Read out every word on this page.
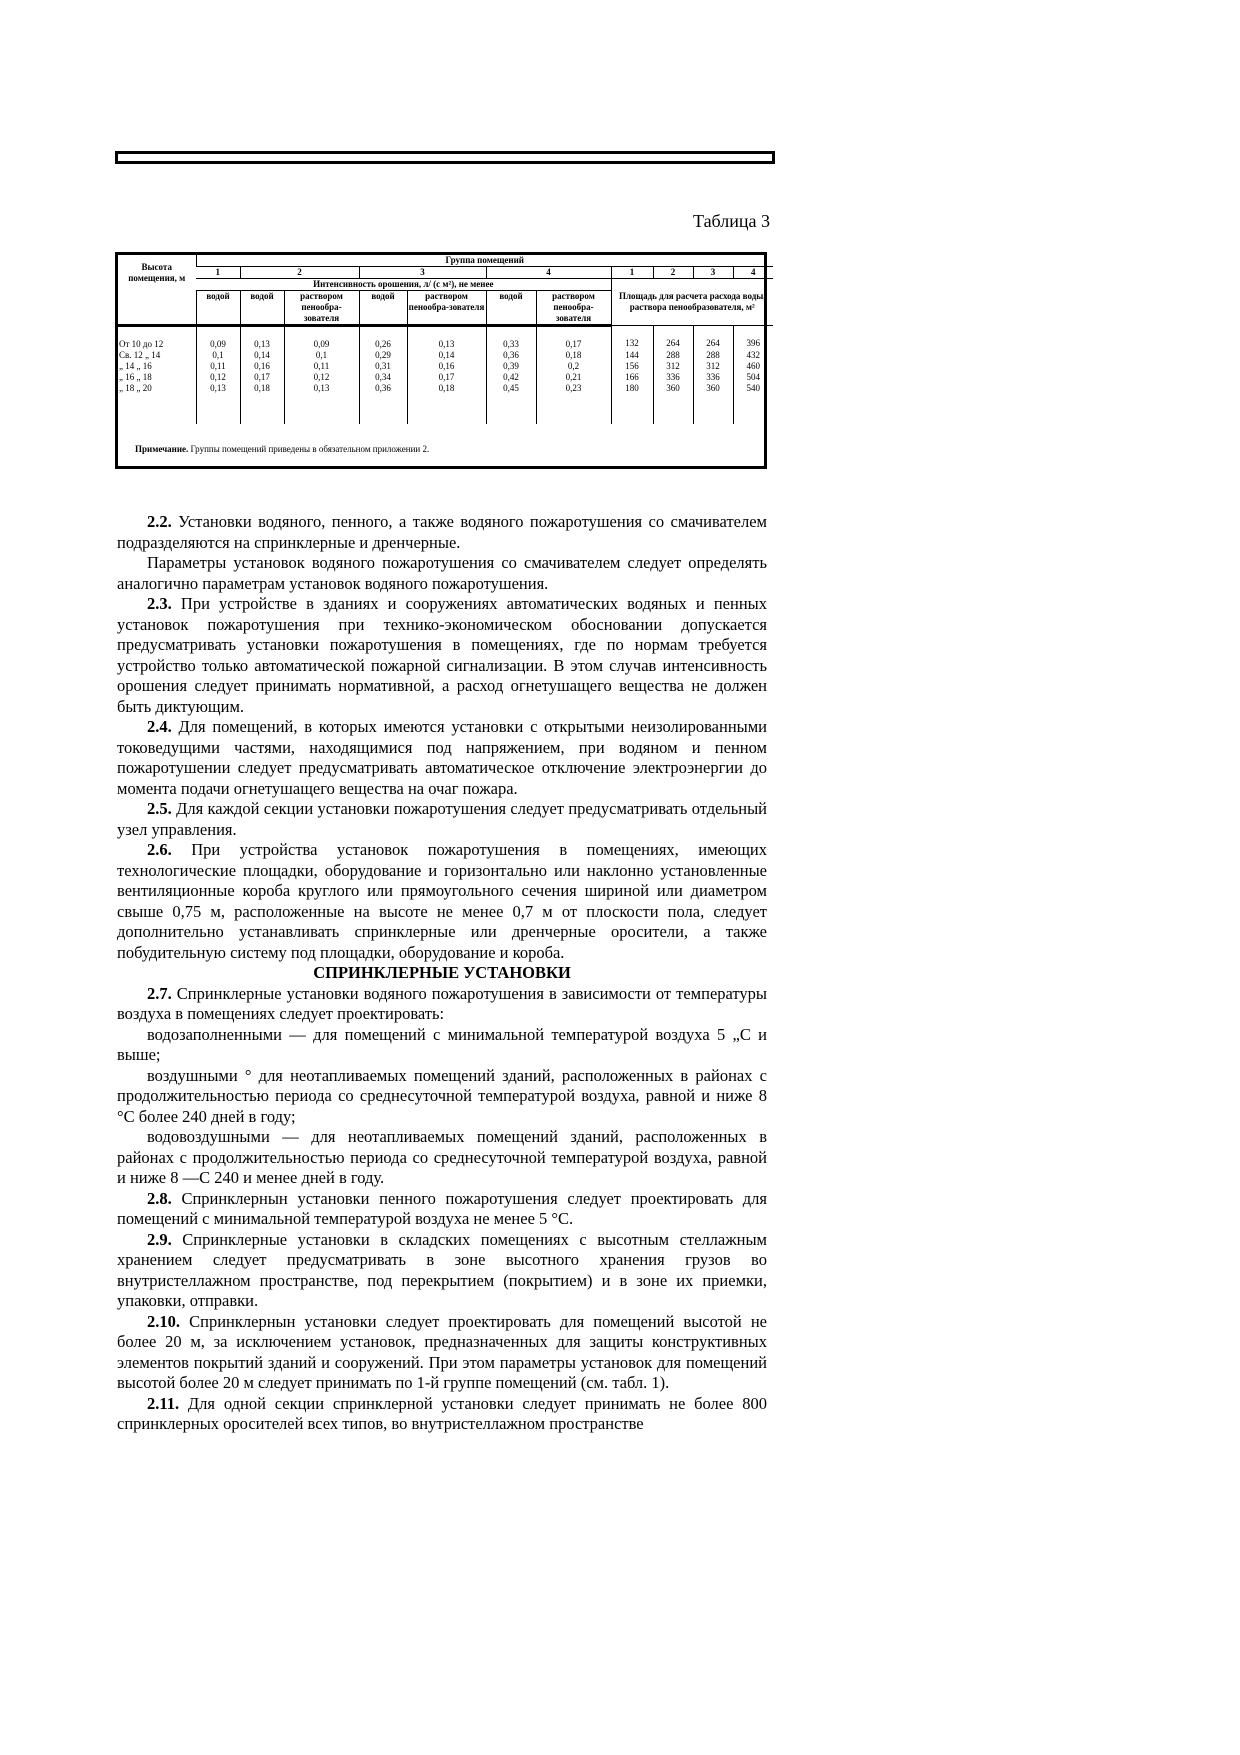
Таблица 3
Высота помещения, м	Группа помещений										
	1	2		3		4		1	2	3	4
	Интенсивность орошения, л/ (с м²), не менее							Площадь для расчета расхода воды, раствора пенообразователя, м²			
	водой	водой	раствором пенообра-зователя	водой	раствором пенообра-зователя	водой	раствором пенообра-зователя				
От 10 до 12	0,09	0,13	0,09	0,26	0,13	0,33	0,17	132	264	264	396
Св. 12 „ 14	0,1	0,14	0,1	0,29	0,14	0,36	0,18	144	288	288	432
„ 14 „ 16	0,11	0,16	0,11	0,31	0,16	0,39	0,2	156	312	312	460
„ 16 „ 18	0,12	0,17	0,12	0,34	0,17	0,42	0,21	166	336	336	504
„ 18 „ 20	0,13	0,18	0,13	0,36	0,18	0,45	0,23	180	360	360	540

Примечание. Группы помещений приведены в обязательном приложении 2.

2.2. Установки водяного, пенного, а также водяного пожаротушения со смачивателем подразделяются на спринклерные и дренчерные.

Параметры установок водяного пожаротушения со смачивателем следует определять аналогично параметрам установок водяного пожаротушения.

2.3. При устройстве в зданиях и сооружениях автоматических водяных и пенных установок пожаротушения при технико-экономическом обосновании допускается предусматривать установки пожаротушения в помещениях, где по нормам требуется устройство только автоматической пожарной сигнализации. В этом случав интенсивность орошения следует принимать нормативной, а расход огнетушащего вещества не должен быть диктующим.

2.4. Для помещений, в которых имеются установки с открытыми неизолированными токоведущими частями, находящимися под напряжением, при водяном и пенном пожаротушении следует предусматривать автоматическое отключение электроэнергии до момента подачи огнетушащего вещества на очаг пожара.

2.5. Для каждой секции установки пожаротушения следует предусматривать отдельный узел управления.

2.6. При устройства установок пожаротушения в помещениях, имеющих технологические площадки, оборудование и горизонтально или наклонно установленные вентиляционные короба круглого или прямоугольного сечения шириной или диаметром свыше 0,75 м, расположенные на высоте не менее 0,7 м от плоскости пола, следует дополнительно устанавливать спринклерные или дренчерные оросители, а также побудительную систему под площадки, оборудование и короба.

СПРИНКЛЕРНЫЕ УСТАНОВКИ

2.7. Спринклерные установки водяного пожаротушения в зависимости от температуры воздуха в помещениях следует проектировать:

водозаполненными — для помещений с минимальной температурой воздуха 5 „С и выше;

воздушными ° для неотапливаемых помещений зданий, расположенных в районах с продолжительностью периода со среднесуточной температурой воздуха, равной и ниже 8 °С более 240 дней в году;

водовоздушными — для неотапливаемых помещений зданий, расположенных в районах с продолжительностью периода со среднесуточной температурой воздуха, равной и ниже 8 —С 240 и менее дней в году.

2.8. Спринклернын установки пенного пожаротушения следует проектировать для помещений с минимальной температурой воздуха не менее 5 °С.

2.9. Спринклерные установки в складских помещениях с высотным стеллажным хранением следует предусматривать в зоне высотного хранения грузов во внутристеллажном пространстве, под перекрытием (покрытием) и в зоне их приемки, упаковки, отправки.

2.10. Спринклернын установки следует проектировать для помещений высотой не более 20 м, за исключением установок, предназначенных для защиты конструктивных элементов покрытий зданий и сооружений. При этом параметры установок для помещений высотой более 20 м следует принимать по 1-й группе помещений (см. табл. 1).

2.11. Для одной секции спринклерной установки следует принимать не более 800 спринклерных оросителей всех типов, во внутристеллажном пространстве
